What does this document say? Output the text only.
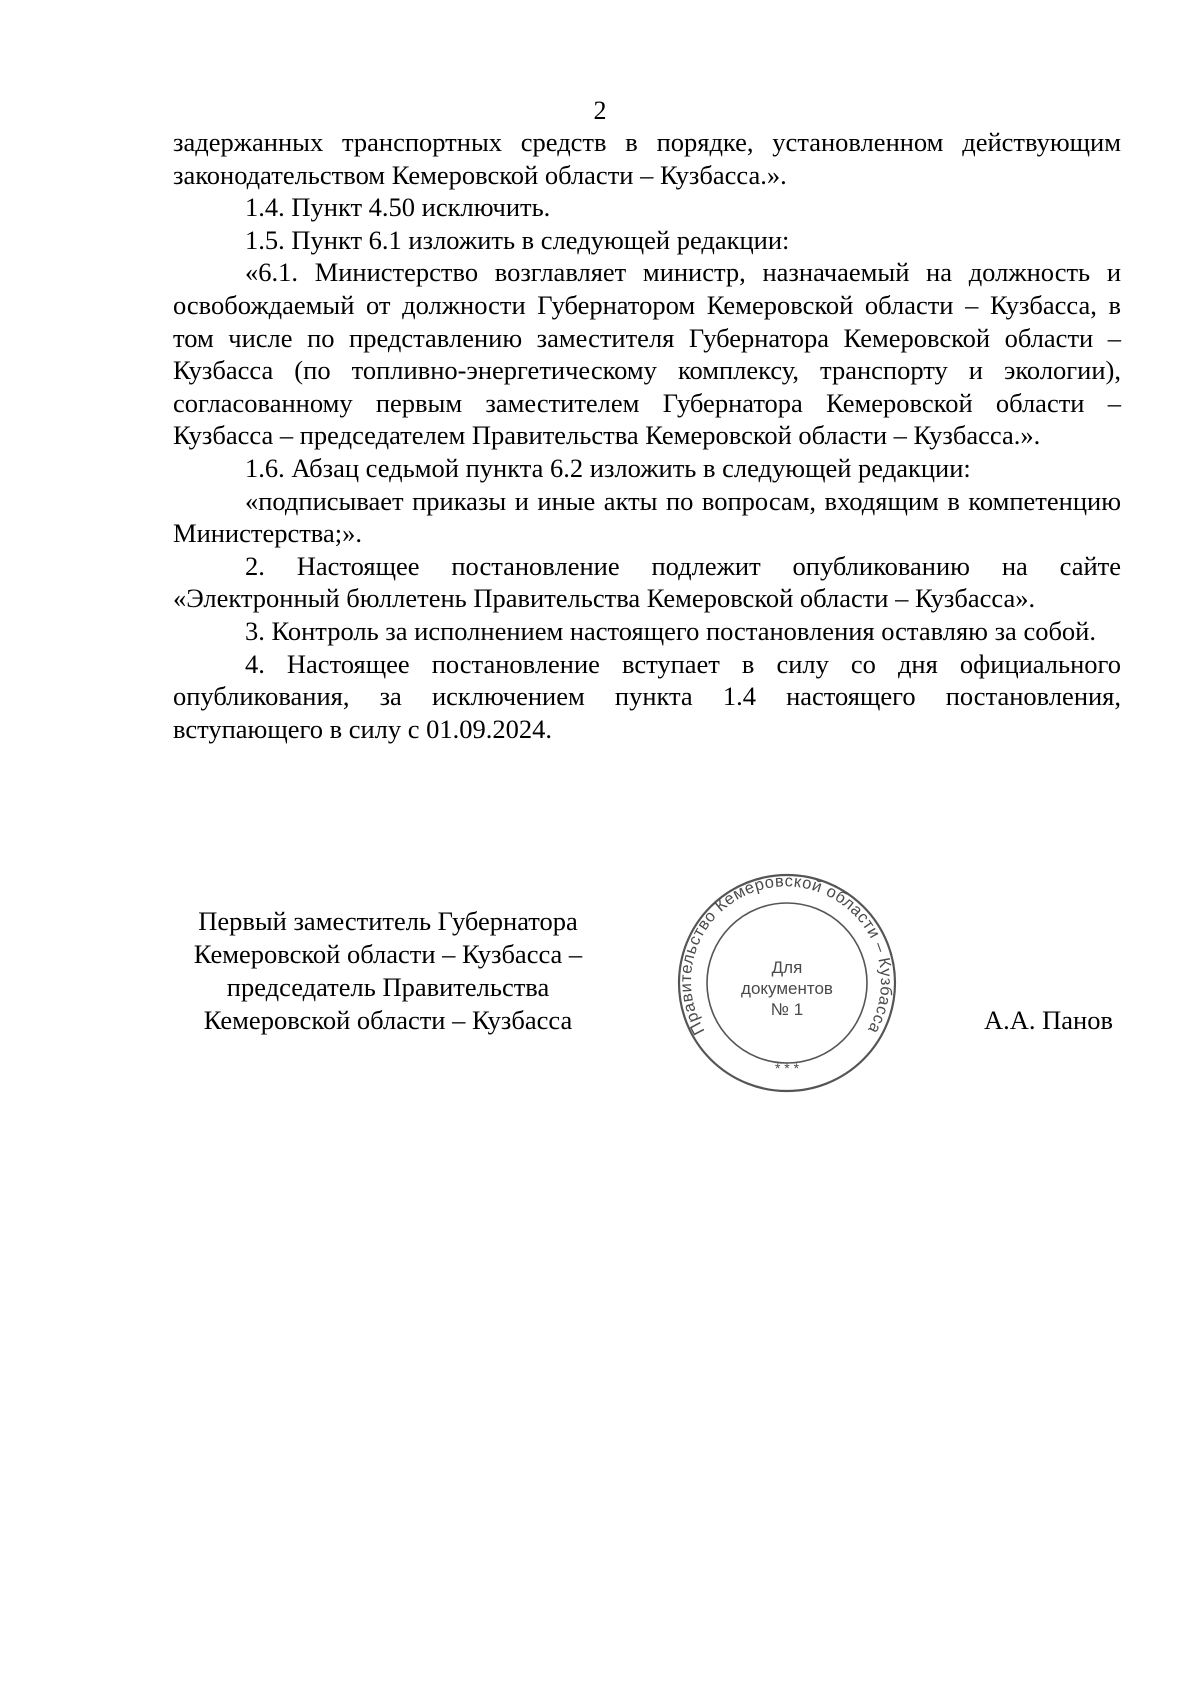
2

задержанных транспортных средств в порядке, установленном действующим законодательством Кемеровской области – Кузбасса.».

1.4. Пункт 4.50 исключить.

1.5. Пункт 6.1 изложить в следующей редакции:

«6.1. Министерство возглавляет министр, назначаемый на должность и освобождаемый от должности Губернатором Кемеровской области – Кузбасса, в том числе по представлению заместителя Губернатора Кемеровской области – Кузбасса (по топливно-энергетическому комплексу, транспорту и экологии), согласованному первым заместителем Губернатора Кемеровской области – Кузбасса – председателем Правительства Кемеровской области – Кузбасса.».

1.6. Абзац седьмой пункта 6.2 изложить в следующей редакции:

«подписывает приказы и иные акты по вопросам, входящим в компетенцию Министерства;».

2. Настоящее постановление подлежит опубликованию на сайте «Электронный бюллетень Правительства Кемеровской области – Кузбасса».

3. Контроль за исполнением настоящего постановления оставляю за собой.

4. Настоящее постановление вступает в силу со дня официального опубликования, за исключением пункта 1.4 настоящего постановления, вступающего в силу с 01.09.2024.

Первый заместитель Губернатора
Кемеровской области – Кузбасса –
председатель Правительства
Кемеровской области – Кузбасса	Правительство Кемеровской области – Кузбасса
* * *
Для
документов
№ 1	А.А. Панов
